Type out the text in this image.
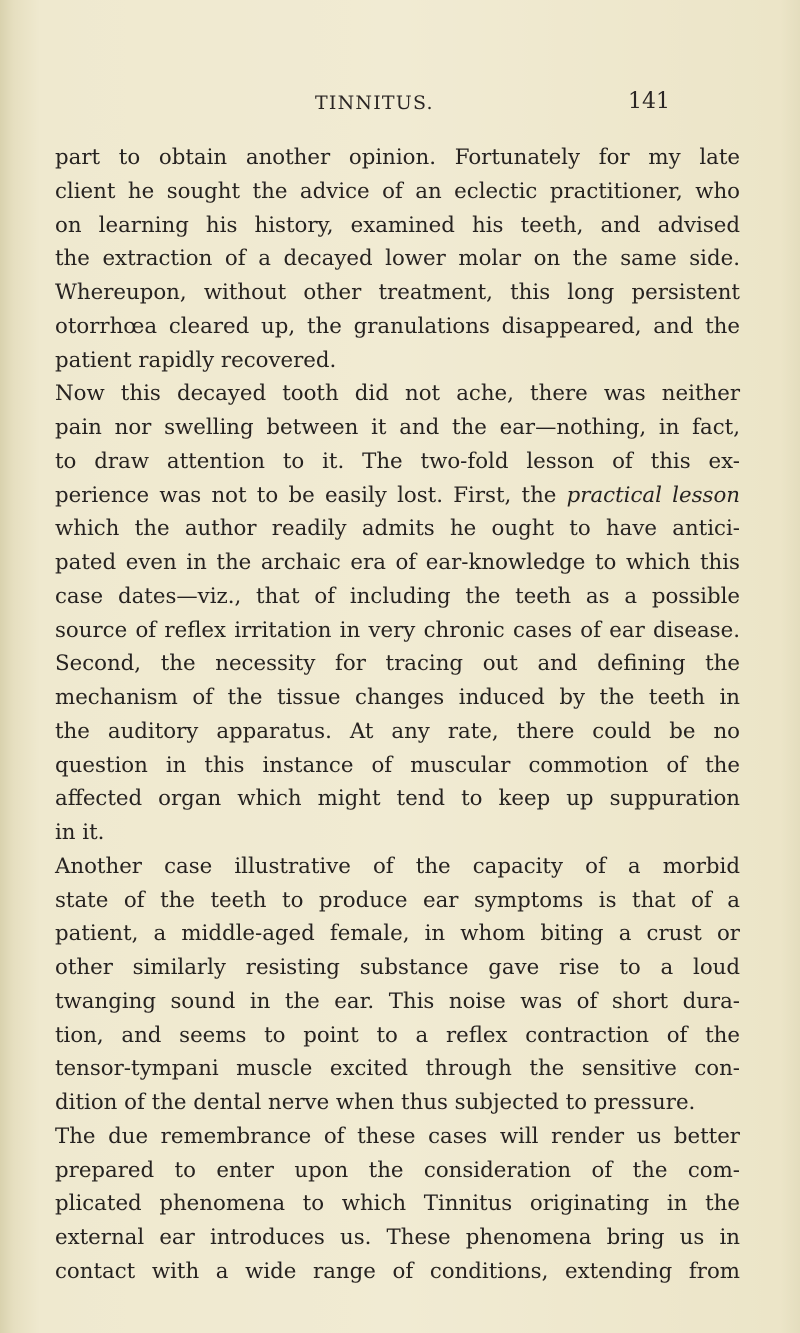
TINNITUS.	141
part to obtain another opinion. Fortunately for my late
client he sought the advice of an eclectic practitioner, who
on learning his history, examined his teeth, and advised
the extraction of a decayed lower molar on the same side.
Whereupon, without other treatment, this long persistent
otorrhœa cleared up, the granulations disappeared, and the
patient rapidly recovered.
Now this decayed tooth did not ache, there was neither
pain nor swelling between it and the ear—nothing, in fact,
to draw attention to it. The two-fold lesson of this ex-
perience was not to be easily lost. First, the practical lesson
which the author readily admits he ought to have antici-
pated even in the archaic era of ear-knowledge to which this
case dates—viz., that of including the teeth as a possible
source of reflex irritation in very chronic cases of ear disease.
Second, the necessity for tracing out and defining the
mechanism of the tissue changes induced by the teeth in
the auditory apparatus. At any rate, there could be no
question in this instance of muscular commotion of the
affected organ which might tend to keep up suppuration
in it.
Another case illustrative of the capacity of a morbid
state of the teeth to produce ear symptoms is that of a
patient, a middle-aged female, in whom biting a crust or
other similarly resisting substance gave rise to a loud
twanging sound in the ear. This noise was of short dura-
tion, and seems to point to a reflex contraction of the
tensor-tympani muscle excited through the sensitive con-
dition of the dental nerve when thus subjected to pressure.
The due remembrance of these cases will render us better
prepared to enter upon the consideration of the com-
plicated phenomena to which Tinnitus originating in the
external ear introduces us. These phenomena bring us in
contact with a wide range of conditions, extending from
